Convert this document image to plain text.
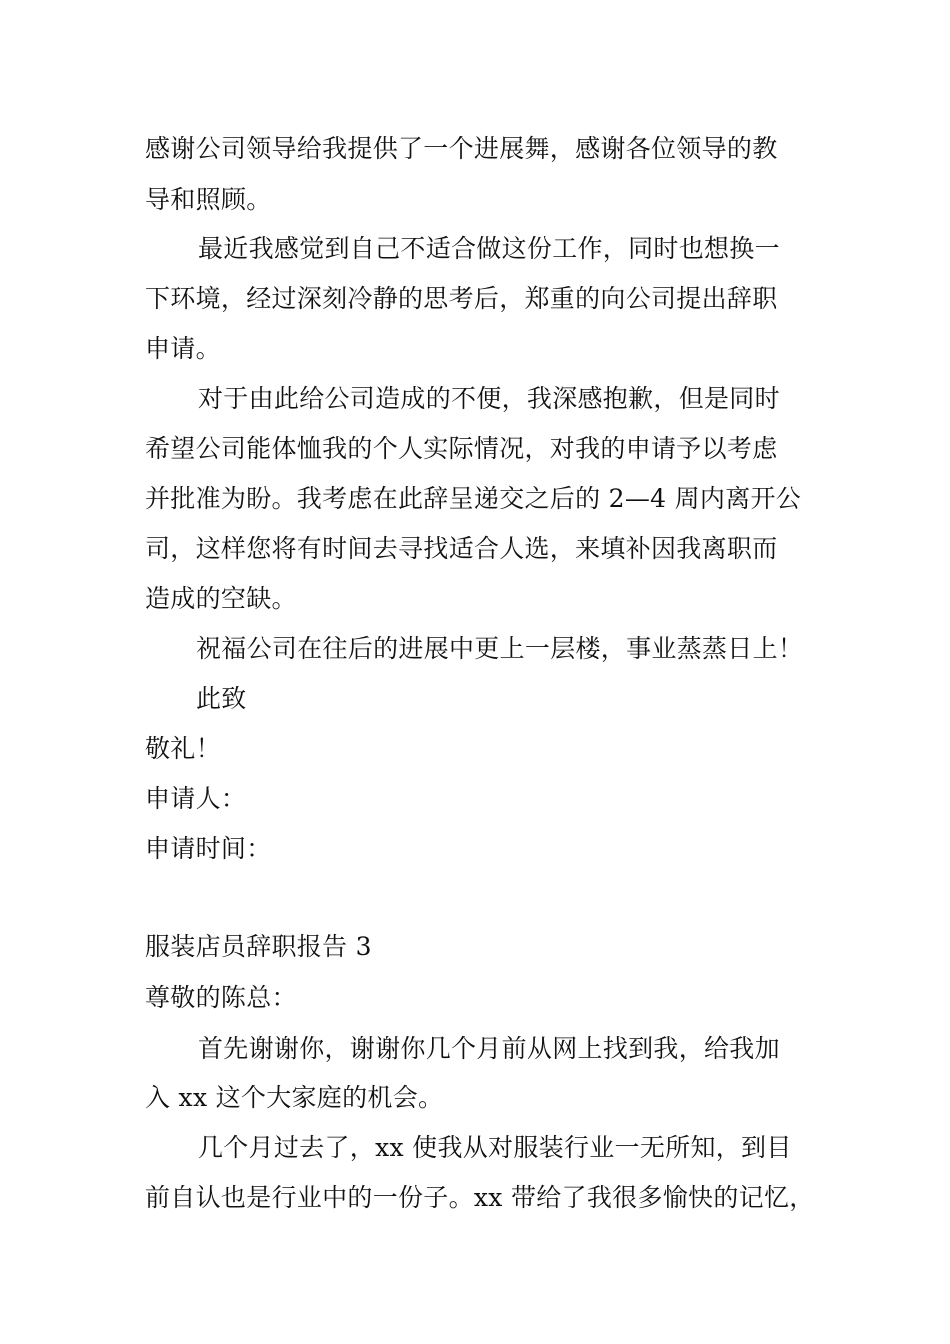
感谢公司领导给我提供了一个进展舞，感谢各位领导的教
导和照顾。
最近我感觉到自己不适合做这份工作，同时也想换一
下环境，经过深刻冷静的思考后，郑重的向公司提出辞职
申请。
对于由此给公司造成的不便，我深感抱歉，但是同时
希望公司能体恤我的个人实际情况，对我的申请予以考虑
并批准为盼。我考虑在此辞呈递交之后的 2—4 周内离开公
司，这样您将有时间去寻找适合人选，来填补因我离职而
造成的空缺。
祝福公司在往后的进展中更上一层楼，事业蒸蒸日上！
此致
敬礼！
申请人：
申请时间：
服装店员辞职报告 3
尊敬的陈总：
首先谢谢你，谢谢你几个月前从网上找到我，给我加
入 xx 这个大家庭的机会。
几个月过去了，xx 使我从对服装行业一无所知，到目
前自认也是行业中的一份子。xx 带给了我很多愉快的记忆，
